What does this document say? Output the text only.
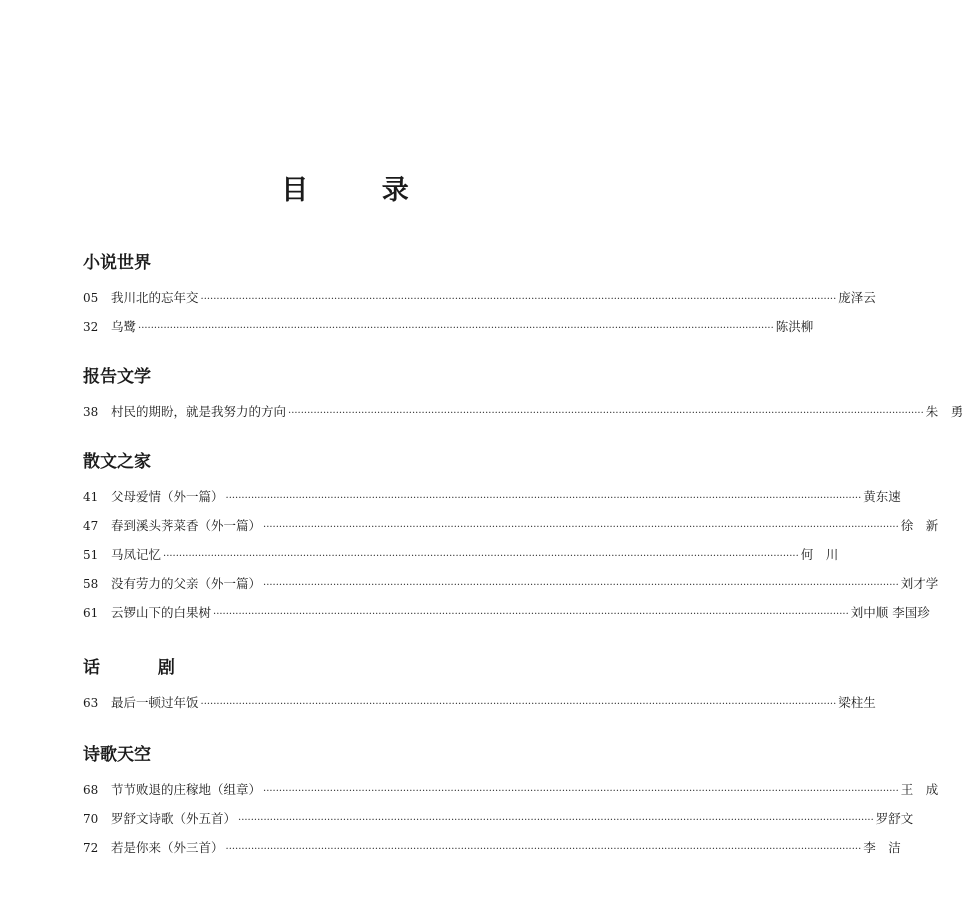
目 录
小说世界
05	我川北的忘年交 ········································································································································································································ 庞泽云
32	乌鹭 ········································································································································································································ 陈洪柳
报告文学
38	村民的期盼，就是我努力的方向 ········································································································································································································ 朱　勇
散文之家
41	父母爱情（外一篇） ········································································································································································································ 黄东速
47	春到溪头荠菜香（外一篇） ········································································································································································································ 徐　新
51	马凤记忆 ········································································································································································································ 何　川
58	没有劳力的父亲（外一篇） ········································································································································································································ 刘才学
61	云锣山下的白果树 ········································································································································································································ 刘中顺 李国珍
话 剧
63	最后一顿过年饭 ········································································································································································································ 梁柱生
诗歌天空
68	节节败退的庄稼地（组章） ········································································································································································································ 王　成
70	罗舒文诗歌（外五首） ········································································································································································································ 罗舒文
72	若是你来（外三首） ········································································································································································································ 李　洁
